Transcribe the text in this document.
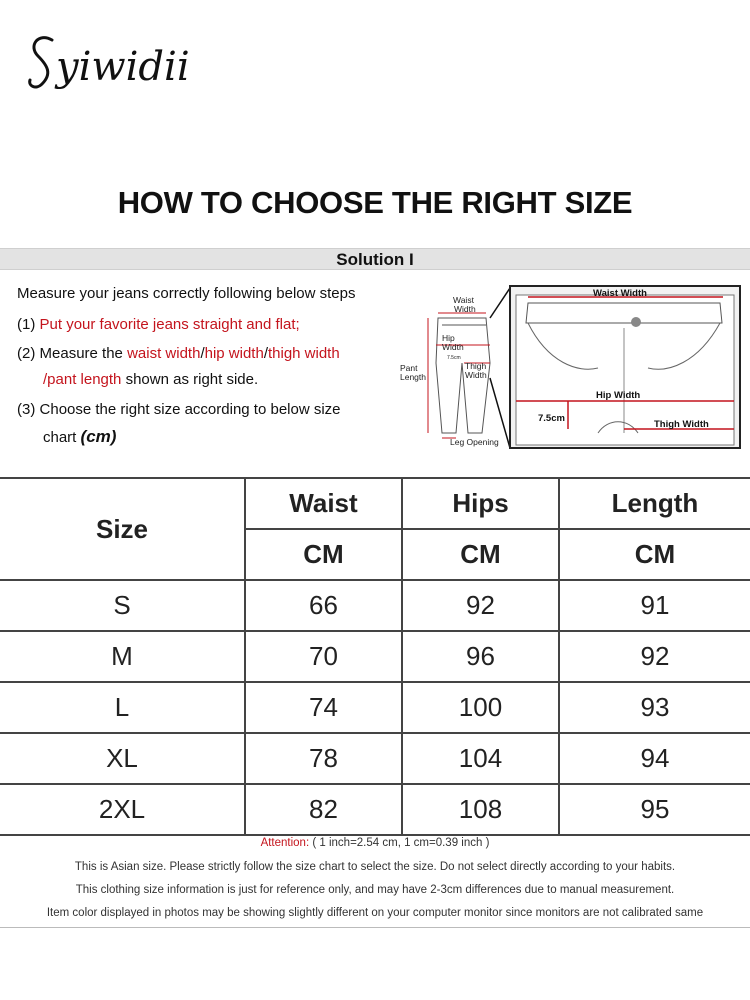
yiwidii
HOW TO CHOOSE THE RIGHT SIZE
Solution I
Measure your jeans correctly following below steps
(1) Put your favorite jeans straight and flat;
(2) Measure the waist width/hip width/thigh width
/pant length shown as right side.
(3) Choose the right size according to below size
chart (cm)
Waist
Width
Hip
Width
7.5cm
Thigh
Width
Pant
Length
Leg Opening
Waist Width
Hip Width
Thigh Width
7.5cm
Size	Waist	Hips	Length
	CM	CM	CM
S	66	92	91
M	70	96	92
L	74	100	93
XL	78	104	94
2XL	82	108	95
Attention: ( 1 inch=2.54 cm, 1 cm=0.39 inch )
This is Asian size. Please strictly follow the size chart to select the size. Do not select directly according to your habits.
This clothing size information is just for reference only, and may have 2-3cm differences due to manual measurement.
Item color displayed in photos may be showing slightly different on your computer monitor since monitors are not calibrated same
